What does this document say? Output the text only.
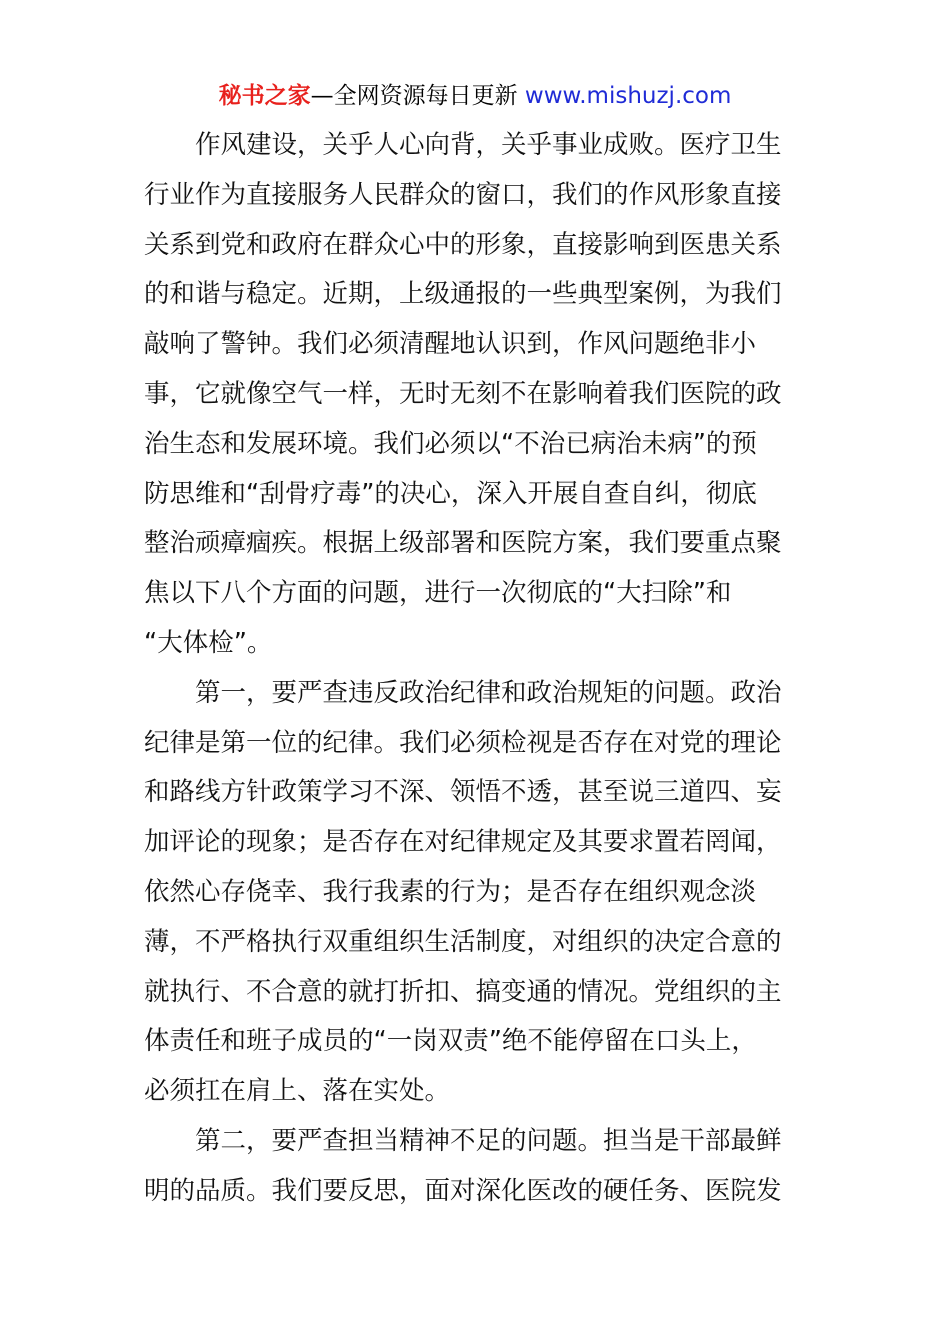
秘书之家—全网资源每日更新 www.mishuzj.com
　　作风建设，关乎人心向背，关乎事业成败。医疗卫生
行业作为直接服务人民群众的窗口，我们的作风形象直接
关系到党和政府在群众心中的形象，直接影响到医患关系
的和谐与稳定。近期，上级通报的一些典型案例，为我们
敲响了警钟。我们必须清醒地认识到，作风问题绝非小
事，它就像空气一样，无时无刻不在影响着我们医院的政
治生态和发展环境。我们必须以“不治已病治未病”的预
防思维和“刮骨疗毒”的决心，深入开展自查自纠，彻底
整治顽瘴痼疾。根据上级部署和医院方案，我们要重点聚
焦以下八个方面的问题，进行一次彻底的“大扫除”和
“大体检”。
　　第一，要严查违反政治纪律和政治规矩的问题。政治
纪律是第一位的纪律。我们必须检视是否存在对党的理论
和路线方针政策学习不深、领悟不透，甚至说三道四、妄
加评论的现象；是否存在对纪律规定及其要求置若罔闻，
依然心存侥幸、我行我素的行为；是否存在组织观念淡
薄，不严格执行双重组织生活制度，对组织的决定合意的
就执行、不合意的就打折扣、搞变通的情况。党组织的主
体责任和班子成员的“一岗双责”绝不能停留在口头上，
必须扛在肩上、落在实处。
　　第二，要严查担当精神不足的问题。担当是干部最鲜
明的品质。我们要反思，面对深化医改的硬任务、医院发
